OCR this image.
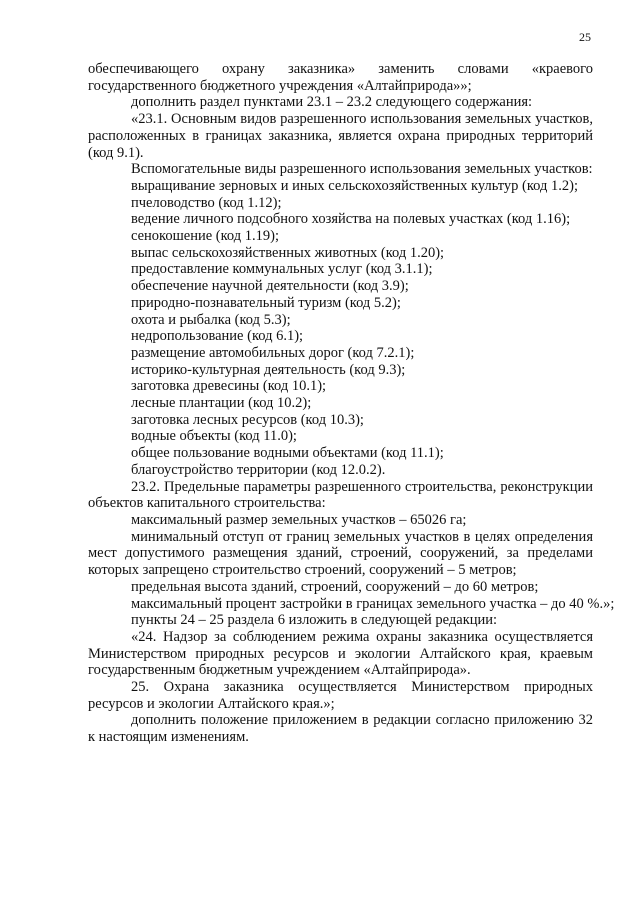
25

обеспечивающего охрану заказника» заменить словами «краевого государственного бюджетного учреждения «Алтайприрода»»;

дополнить раздел пунктами 23.1 – 23.2 следующего содержания:

«23.1. Основным видов разрешенного использования земельных участков, расположенных в границах заказника, является охрана природных территорий (код 9.1).

Вспомогательные виды разрешенного использования земельных участков:

выращивание зерновых и иных сельскохозяйственных культур (код 1.2);

пчеловодство (код 1.12);

ведение личного подсобного хозяйства на полевых участках (код 1.16);

сенокошение (код 1.19);

выпас сельскохозяйственных животных (код 1.20);

предоставление коммунальных услуг (код 3.1.1);

обеспечение научной деятельности (код 3.9);

природно-познавательный туризм (код 5.2);

охота и рыбалка (код 5.3);

недропользование (код 6.1);

размещение автомобильных дорог (код 7.2.1);

историко-культурная деятельность (код 9.3);

заготовка древесины (код 10.1);

лесные плантации (код 10.2);

заготовка лесных ресурсов (код 10.3);

водные объекты (код 11.0);

общее пользование водными объектами (код 11.1);

благоустройство территории (код 12.0.2).

23.2. Предельные параметры разрешенного строительства, реконструкции объектов капитального строительства:

максимальный размер земельных участков – 65026 га;

минимальный отступ от границ земельных участков в целях определения мест допустимого размещения зданий, строений, сооружений, за пределами которых запрещено строительство строений, сооружений – 5 метров;

предельная высота зданий, строений, сооружений – до 60 метров;

максимальный процент застройки в границах земельного участка – до 40 %.»;

пункты 24 – 25 раздела 6 изложить в следующей редакции:

«24. Надзор за соблюдением режима охраны заказника осуществляется Министерством природных ресурсов и экологии Алтайского края, краевым государственным бюджетным учреждением «Алтайприрода».

25. Охрана заказника осуществляется Министерством природных ресурсов и экологии Алтайского края.»;

дополнить положение приложением в редакции согласно приложению 32 к настоящим изменениям.
